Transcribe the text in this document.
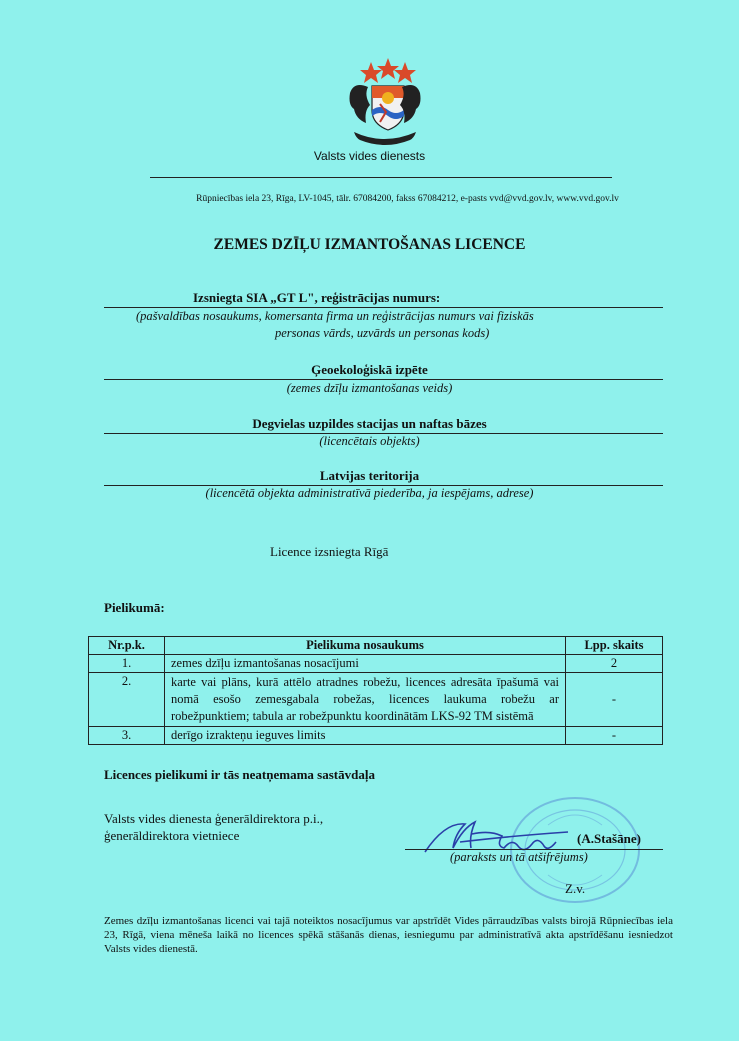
Valsts vides dienests
Rūpniecības iela 23, Rīga, LV-1045, tālr. 67084200, fakss 67084212, e-pasts vvd@vvd.gov.lv, www.vvd.gov.lv
ZEMES DZĪĻU IZMANTOŠANAS LICENCE
Izsniegta SIA „GT L", reģistrācijas numurs:
(pašvaldības nosaukums, komersanta firma un reģistrācijas numurs vai fiziskās
personas vārds, uzvārds un personas kods)
Ģeoekoloģiskā izpēte
(zemes dzīļu izmantošanas veids)
Degvielas uzpildes stacijas un naftas bāzes
(licencētais objekts)
Latvijas teritorija
(licencētā objekta administratīvā piederība, ja iespējams, adrese)
Licence izsniegta Rīgā
Pielikumā:
Nr.p.k.	Pielikuma nosaukums	Lpp. skaits
1.	zemes dzīļu izmantošanas nosacījumi	2
2.	karte vai plāns, kurā attēlo atradnes robežu, licences adresāta īpašumā vai nomā esošo zemesgabala robežas, licences laukuma robežu ar robežpunktiem; tabula ar robežpunktu koordinātām LKS-92 TM sistēmā	-
3.	derīgo izrakteņu ieguves limits	-
Licences pielikumi ir tās neatņemama sastāvdaļa
Valsts vides dienesta ģenerāldirektora p.i.,
ģenerāldirektora vietniece	(A.Stašāne)
(paraksts un tā atšifrējums)
Z.v.
Zemes dzīļu izmantošanas licenci vai tajā noteiktos nosacījumus var apstrīdēt Vides pārraudzības valsts birojā Rūpniecības iela 23, Rīgā, viena mēneša laikā no licences spēkā stāšanās dienas, iesniegumu par administratīvā akta apstrīdēšanu iesniedzot Valsts vides dienestā.
